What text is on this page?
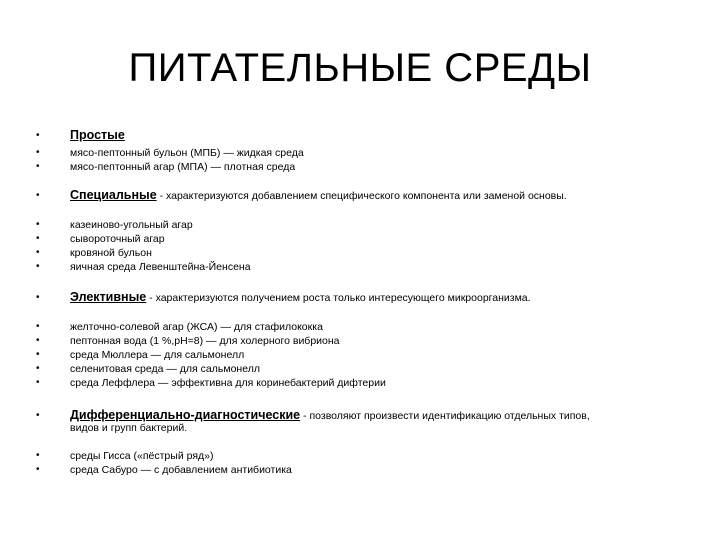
ПИТАТЕЛЬНЫЕ СРЕДЫ
• Простые
•	мясо-пептонный бульон (МПБ) — жидкая среда
•	мясо-пептонный агар (МПА) — плотная среда
• Специальные - характеризуются добавлением специфического компонента или заменой основы.
•	казеиново-угольный агар
•	сывороточный агар
•	кровяной бульон
•	яичная среда Левенштейна-Йенсена
• Элективные - характеризуются получением роста только интересующего микроорганизма.
•	желточно-солевой агар (ЖСА) — для стафилококка
•	пептонная вода (1 %,pH=8) — для холерного вибриона
•	среда Мюллера — для сальмонелл
•	селенитовая среда — для сальмонелл
•	среда Леффлера — эффективна для коринебактерий дифтерии
• Дифференциально-диагностические - позволяют произвести идентификацию отдельных типов,
видов и групп бактерий.
•	среды Гисса («пёстрый ряд»)
•	среда Сабуро — с добавлением антибиотика
